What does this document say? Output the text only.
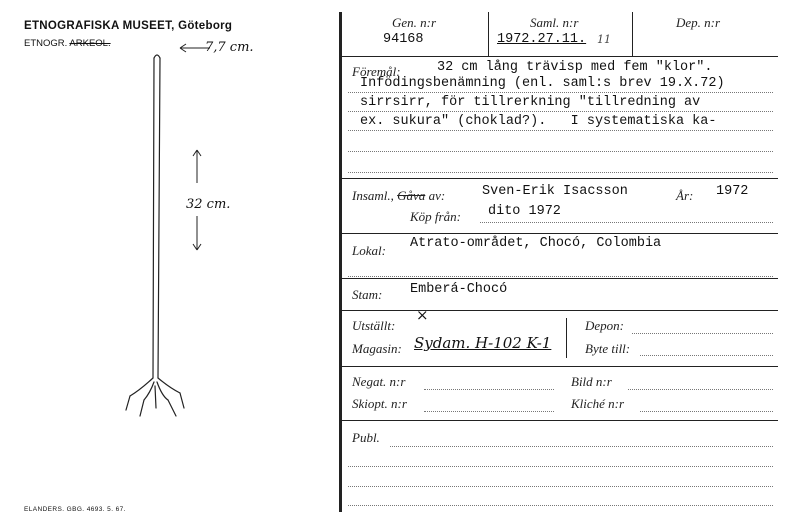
ETNOGRAFISKA MUSEET, Göteborg
ETNOGR. ARKEOL.	7,7 cm.
32 cm.
ELANDERS. GBG. 4693. 5. 67.
Gen. n:r
94168
Saml. n:r
1972.27.11. 11
Dep. n:r
Föremål:	32 cm lång trävisp med fem "klor".
Infödingsbenämning (enl. saml:s brev 19.X.72)
sirrsirr, för tillrerkning "tillredning av
ex. sukura" (choklad?).   I systematiska ka-
Insaml., Gåva av:	Sven-Erik Isacsson	År: 1972
Köp från: dito 1972
Lokal: Atrato-området, Chocó, Colombia
Stam: Emberá-Chocó
Utställt:
×
Magasin: Sydam. H-102 K-1
Depon:
Byte till:
Negat. n:r	Bild n:r
Skiopt. n:r	Kliché n:r
Publ.
